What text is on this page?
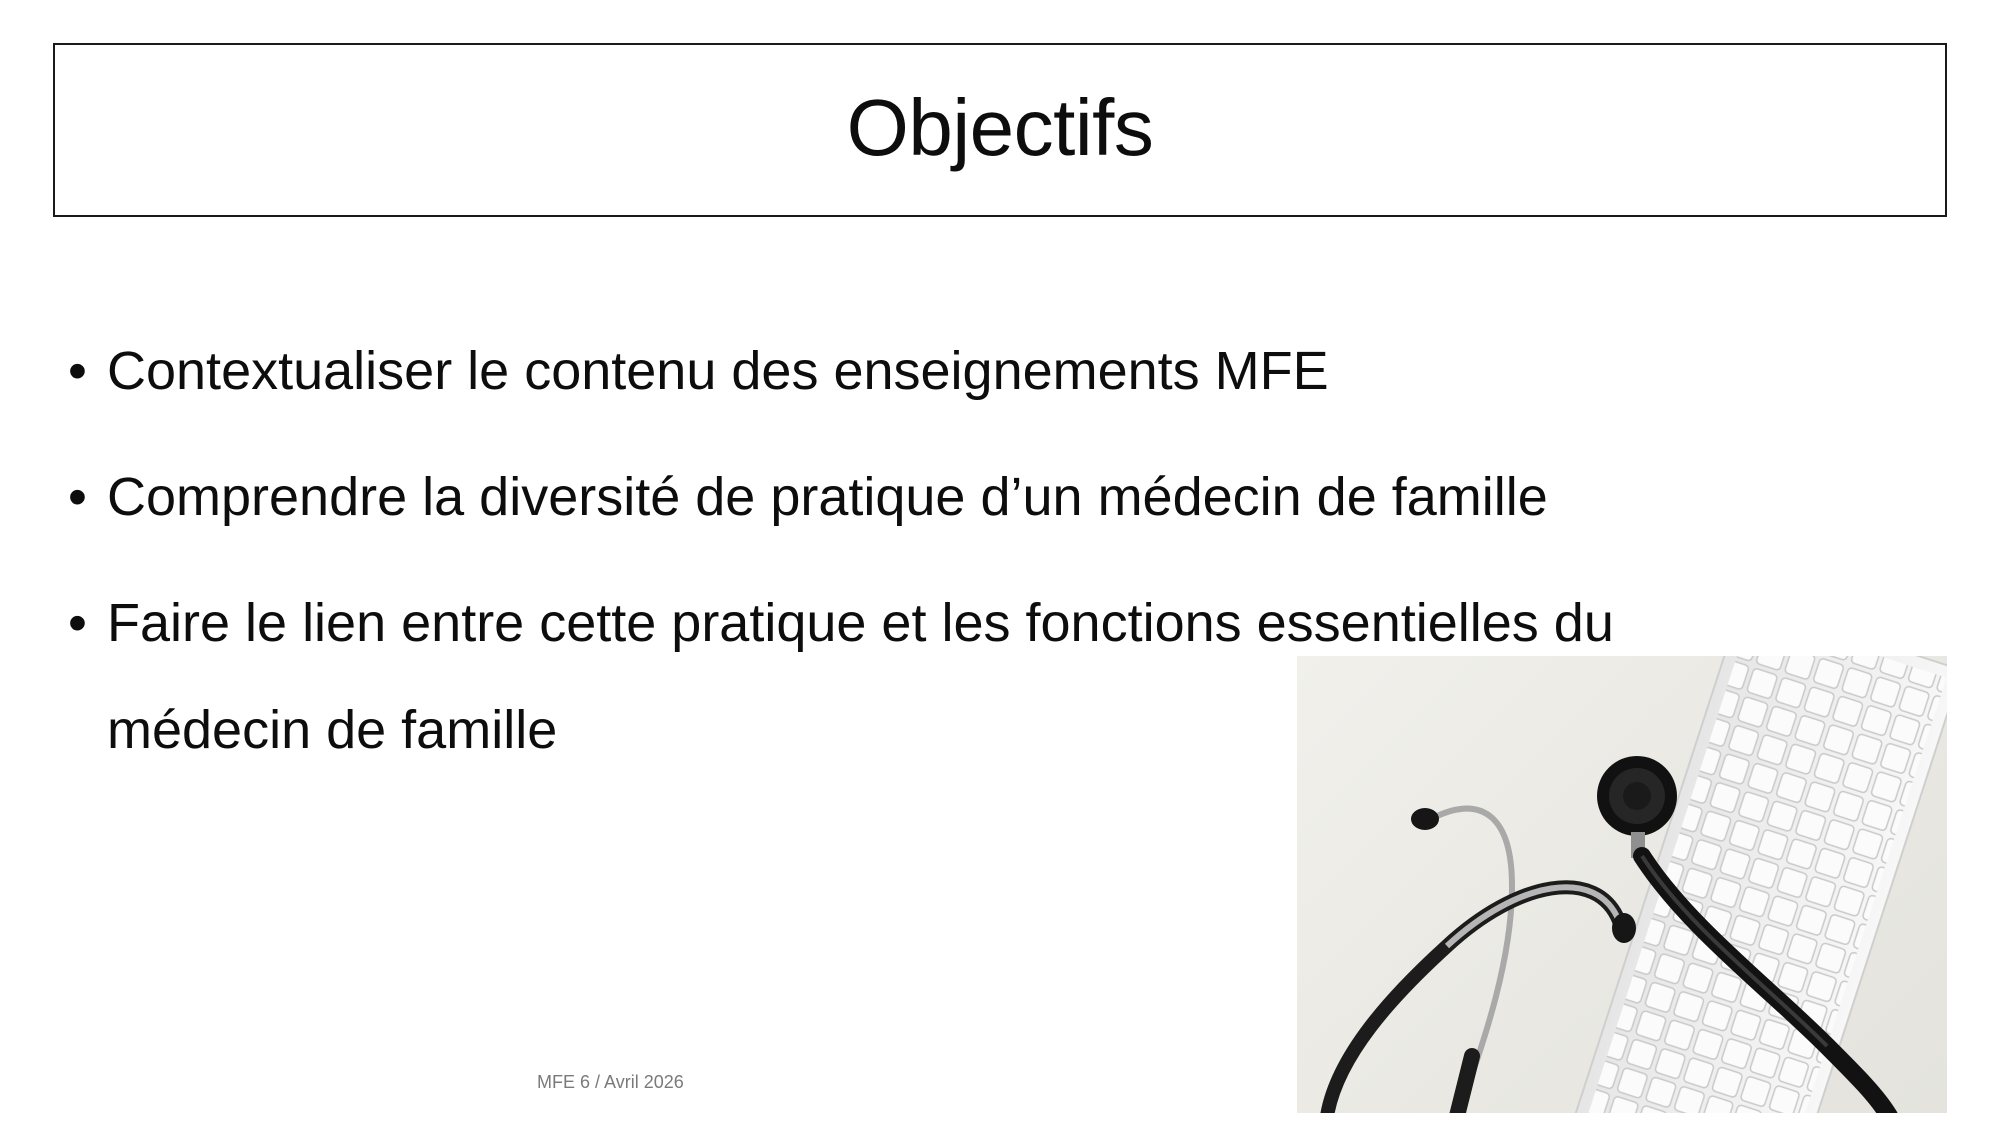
Objectifs
• Contextualiser le contenu des enseignements MFE
• Comprendre la diversité de pratique d’un médecin de famille
• Faire le lien entre cette pratique et les fonctions essentielles du médecin de famille
MFE 6 / Avril 2026
